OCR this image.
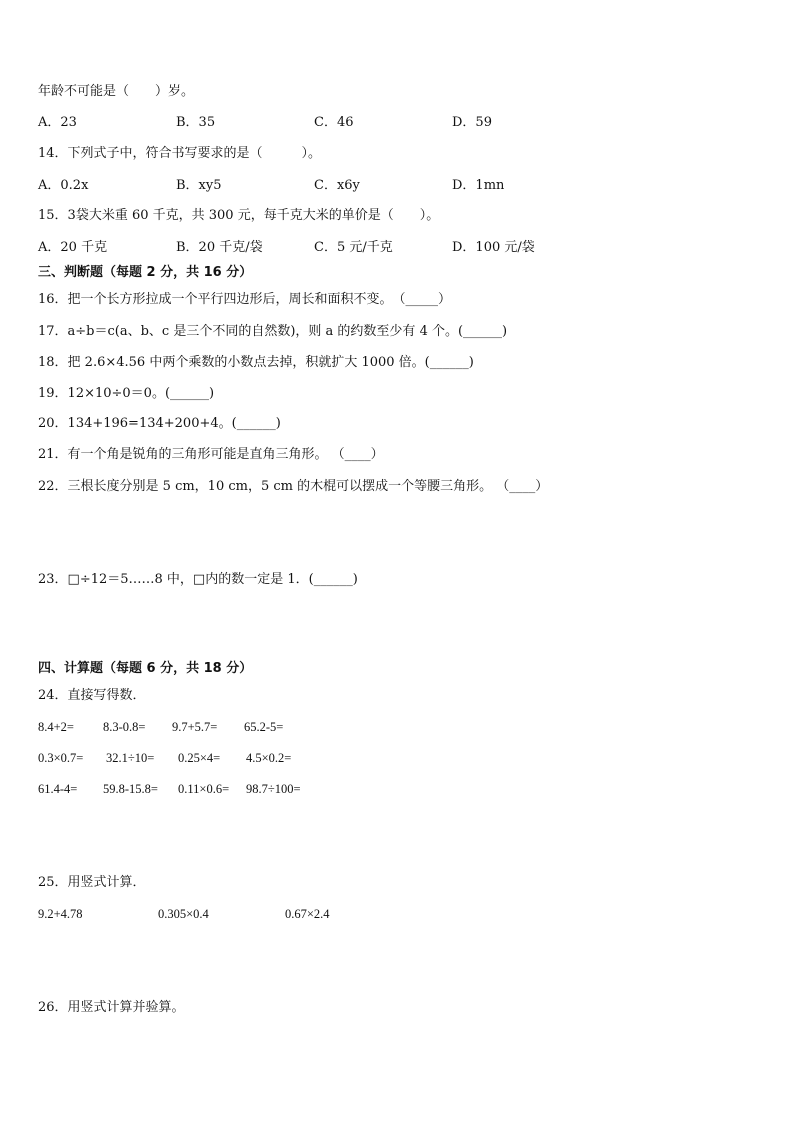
年龄不可能是（　　）岁。
A．23	B．35	C．46	D．59
14．下列式子中，符合书写要求的是（　　　）。
A．0.2x	B．xy5	C．x6y	D．1mn
15．3袋大米重 60 千克，共 300 元，每千克大米的单价是（　　）。
A．20 千克	B．20 千克/袋	C．5 元/千克	D．100 元/袋
三、判断题（每题 2 分，共 16 分）
16．把一个长方形拉成一个平行四边形后，周长和面积不变。　（_____）
17．a÷b＝c(a、b、c 是三个不同的自然数)，则 a 的约数至少有 4 个。(______)
18．把 2.6×4.56 中两个乘数的小数点去掉，积就扩大 1000 倍。(______)
19．12×10÷0＝0。(______)
20．134+196=134+200+4。(______)
21．有一个角是锐角的三角形可能是直角三角形。 （____）
22．三根长度分别是 5 cm，10 cm，5 cm 的木棍可以摆成一个等腰三角形。 （____）
23．□÷12＝5……8 中，□内的数一定是 1．(______)
四、计算题（每题 6 分，共 18 分）
24．直接写得数．
8.4+2= 8.3-0.8= 9.7+5.7= 65.2-5=
0.3×0.7= 32.1÷10= 0.25×4= 4.5×0.2=
61.4-4= 59.8-15.8= 0.11×0.6= 98.7÷100=
25．用竖式计算．
9.2+4.78	0.305×0.4	0.67×2.4
26．用竖式计算并验算。
